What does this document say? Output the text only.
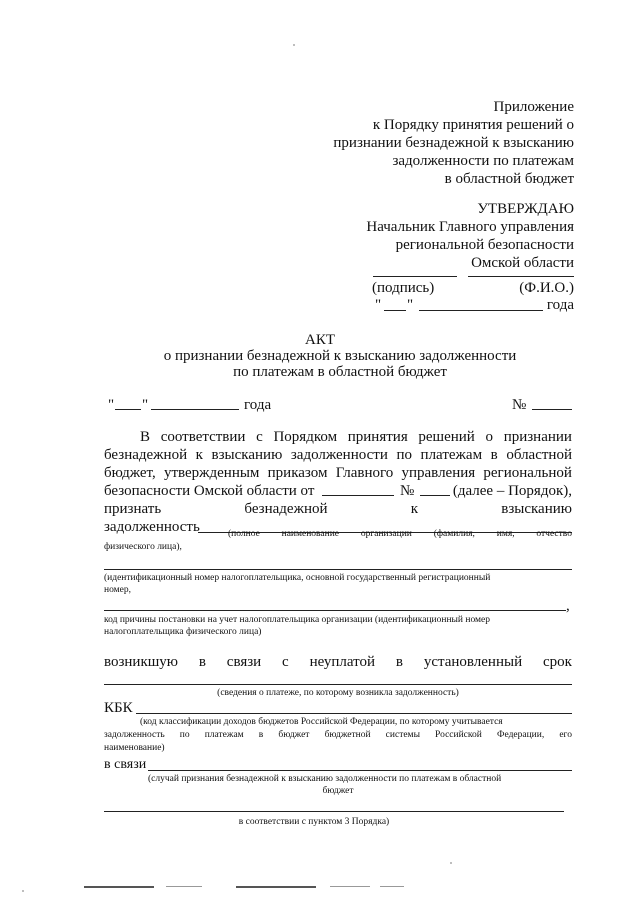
Приложение
к Порядку принятия решений о
признании безнадежной к взысканию
задолженности по платежам
в областной бюджет
УТВЕРЖДАЮ
Начальник Главного управления
региональной безопасности
Омской области
(подпись)	(Ф.И.О.)
" "	года
АКТ
о признании безнадежной к взысканию задолженности
по платежам в областной бюджет
" "	года	№
В соответствии с Порядком принятия решений о признании
безнадежной к взысканию задолженности по платежам в областной
бюджет, утвержденным приказом Главного управления региональной
безопасности Омской области от	№	(далее – Порядок),
признать	безнадежной	к	взысканию
задолженность	(полное наименование организации (фамилия, имя, отчество
физического лица),
(идентификационный номер налогоплательщика, основной государственный регистрационный
номер,
,
код причины постановки на учет налогоплательщика организации (идентификационный номер
налогоплательщика физического лица)
возникшую в связи с неуплатой в установленный срок
(сведения о платеже, по которому возникла задолженность)
КБК
(код классификации доходов бюджетов Российской Федерации, по которому учитывается
задолженность по платежам в бюджет бюджетной системы Российской Федерации, его
наименование)
в связи
(случай признания безнадежной к взысканию задолженности по платежам в областной
бюджет
в соответствии с пунктом 3 Порядка)
